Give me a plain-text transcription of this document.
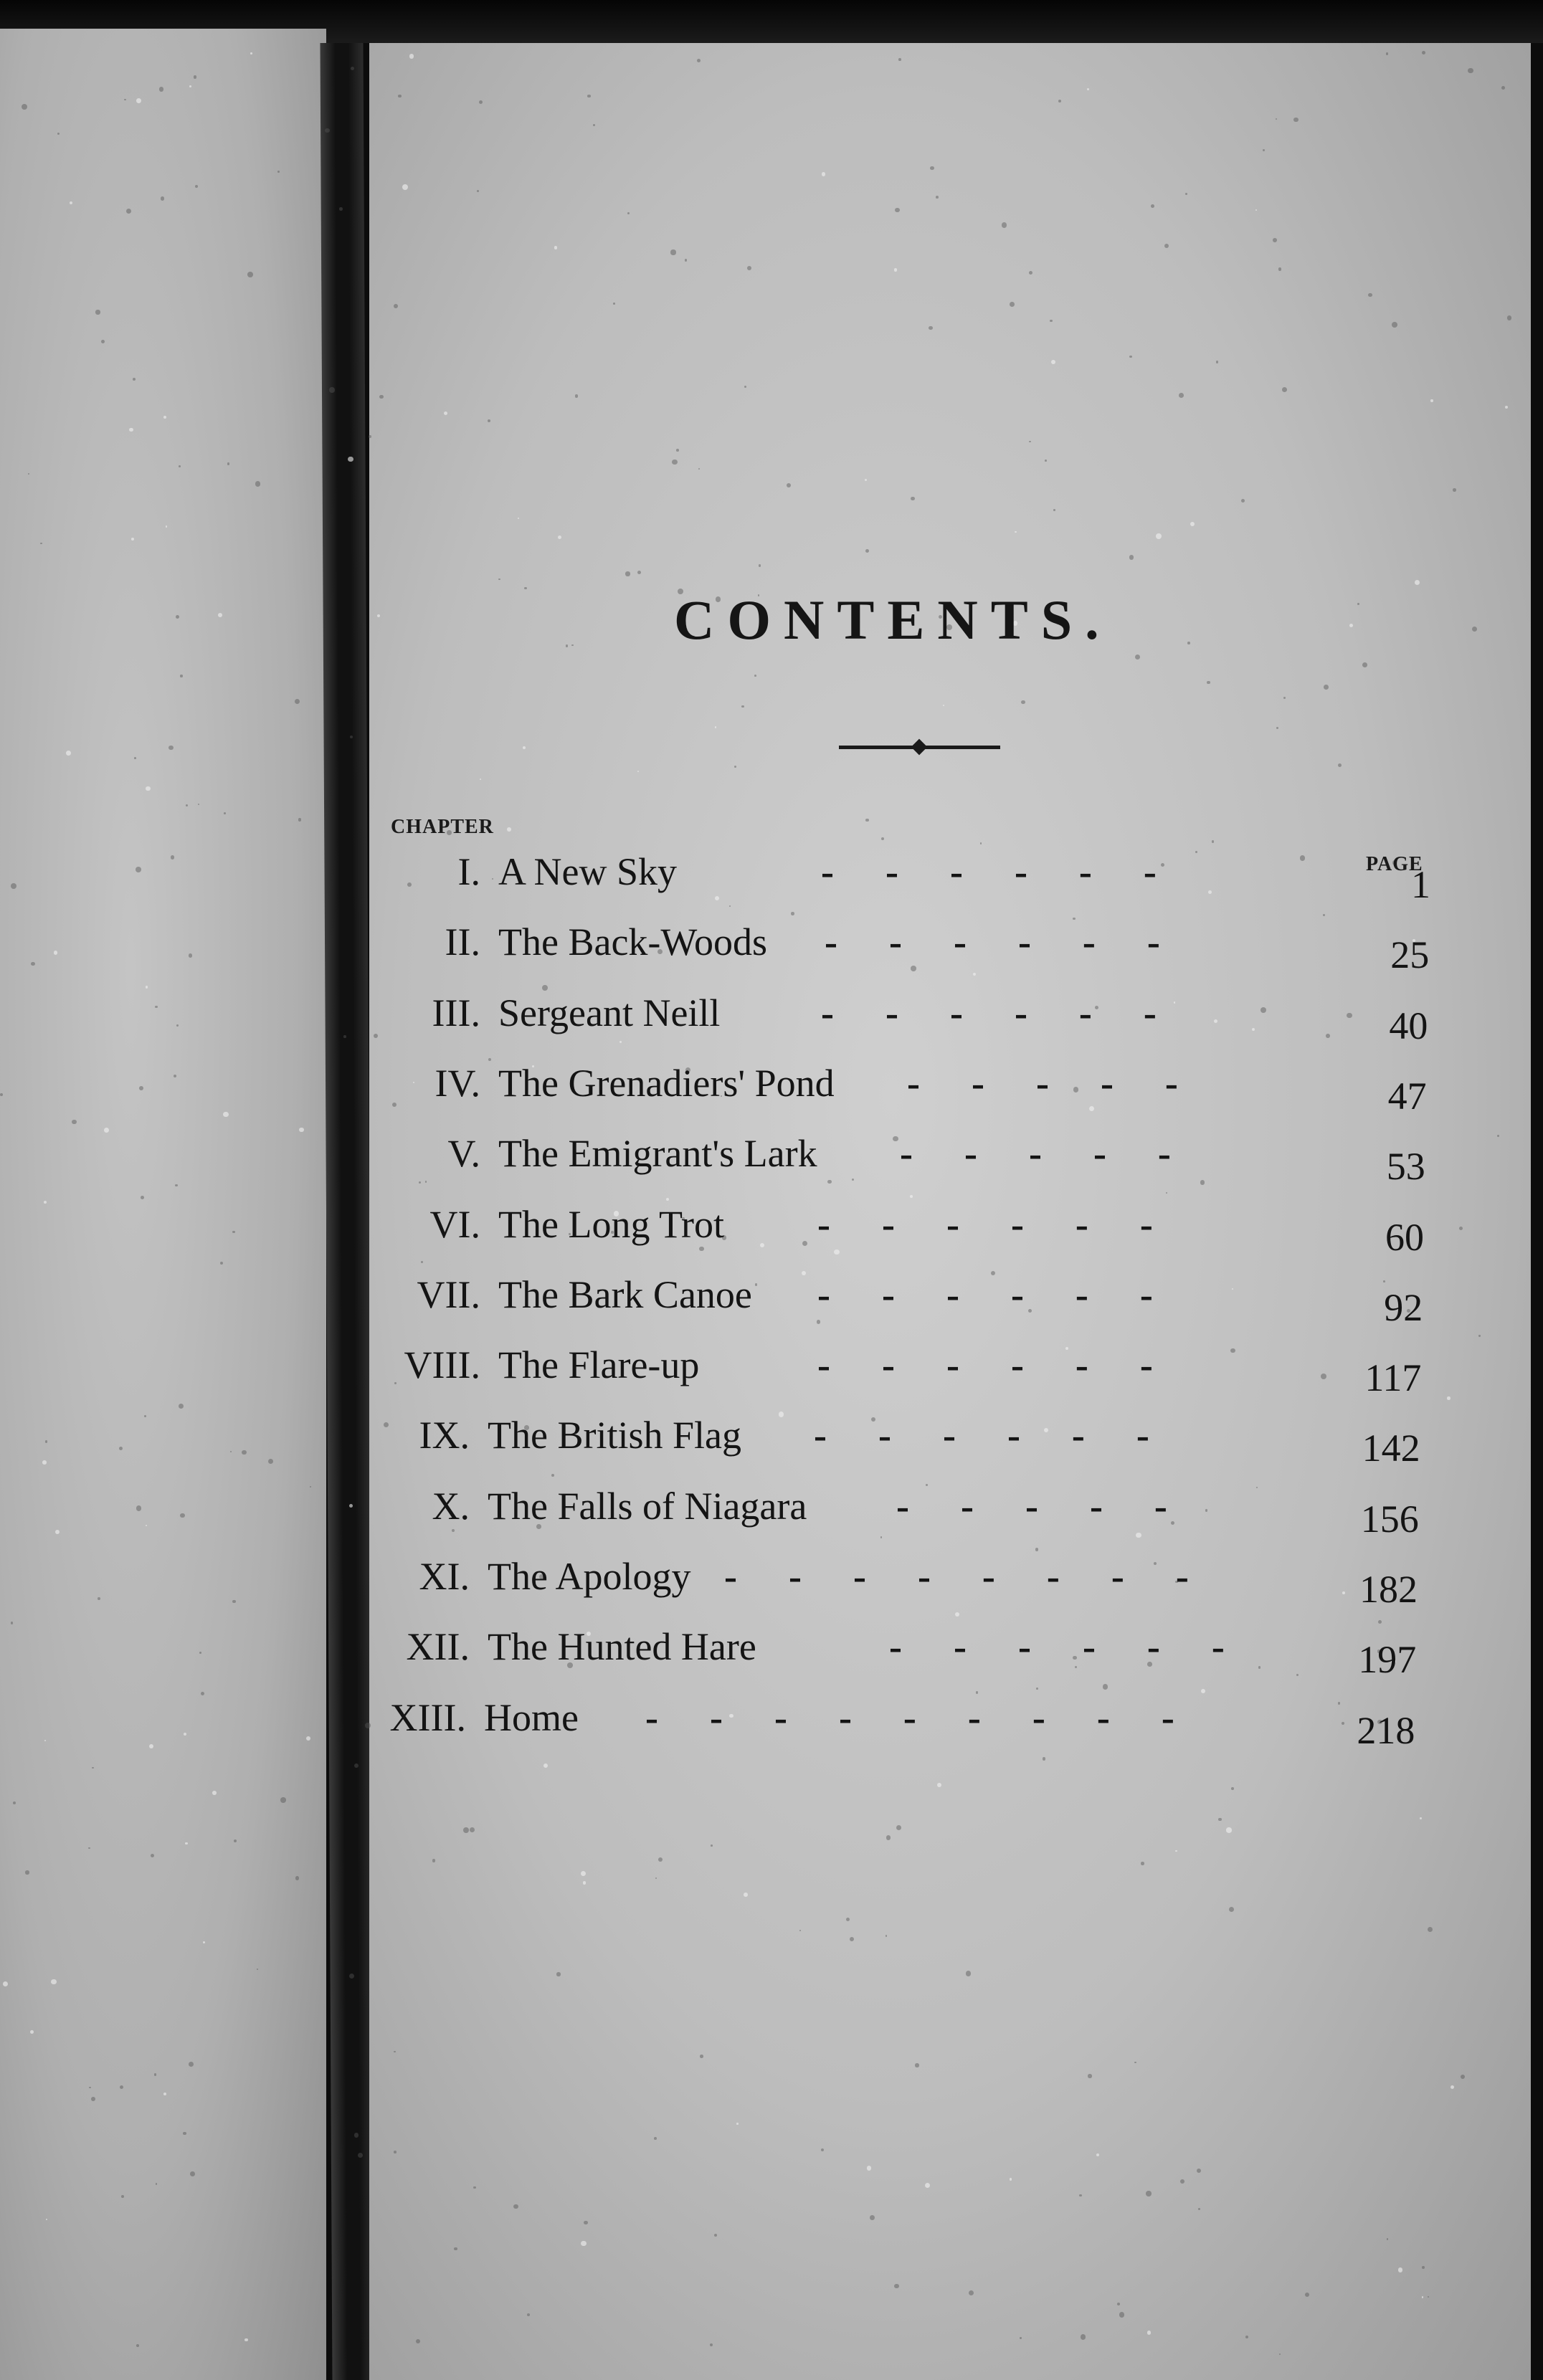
CONTENTS.
CHAPTER
PAGE
I. A New Sky	------	1
II. The Back-Woods ------	25
III. Sergeant Neill	------	40
IV. The Grenadiers' Pond -----	47
V. The Emigrant's Lark -----	53
VI. The Long Trot ------	60
VII. The Bark Canoe ------	92
VIII. The Flare-up	------	117
IX. The British Flag ------	142
X. The Falls of Niagara -----	156
XI. The Apology --------	182
XII. The Hunted Hare	------	197
XIII. Home ---------	218
